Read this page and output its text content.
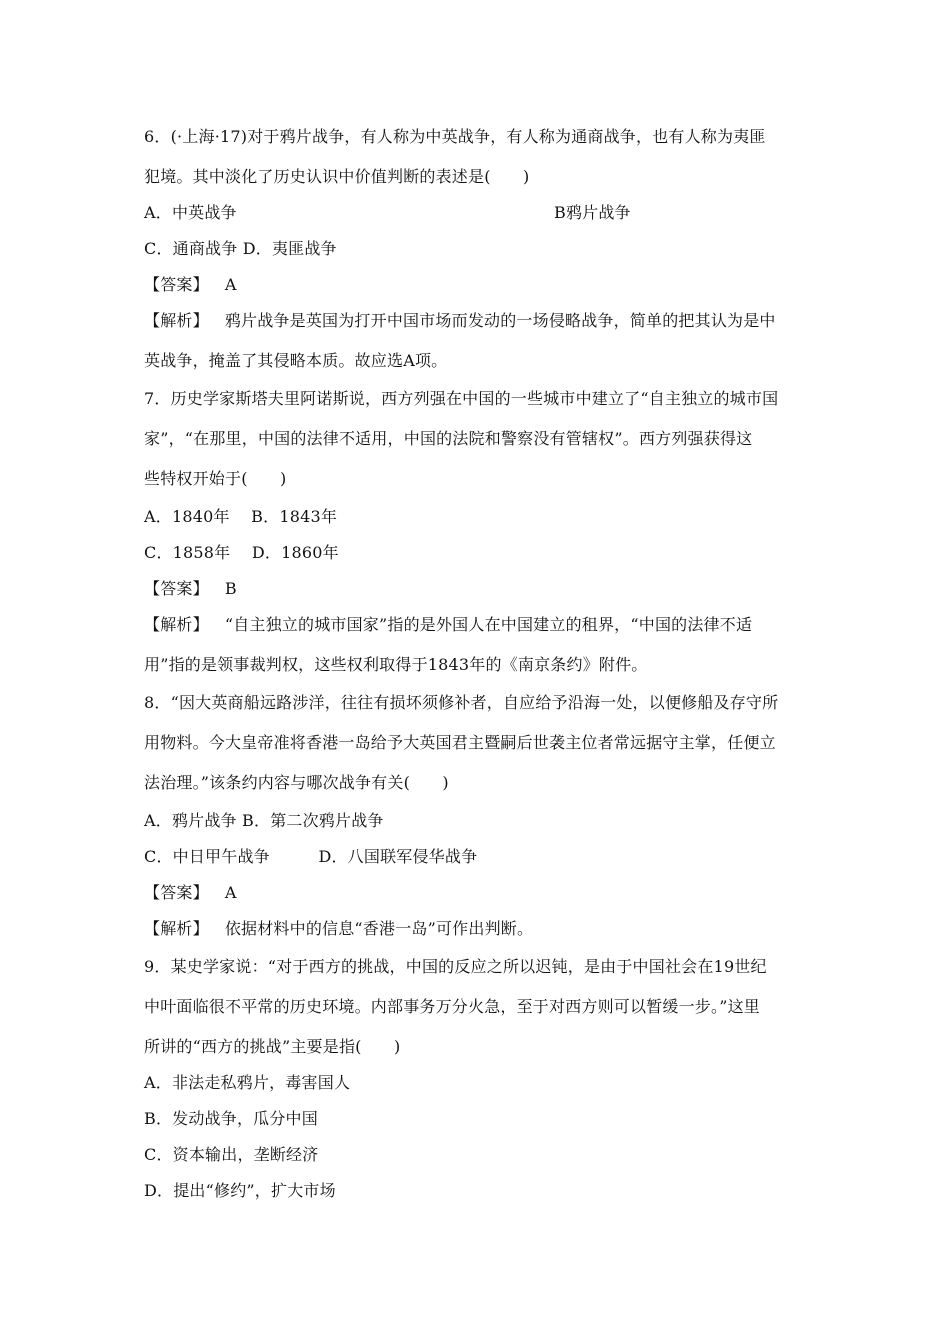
6．(·上海·17)对于鸦片战争，有人称为中英战争，有人称为通商战争，也有人称为夷匪
犯境。其中淡化了历史认识中价值判断的表述是(　　)
A．中英战争	B鸦片战争
C．通商战争 D．夷匪战争
【答案】 A
【解析】 鸦片战争是英国为打开中国市场而发动的一场侵略战争，简单的把其认为是中
英战争，掩盖了其侵略本质。故应选A项。
7．历史学家斯塔夫里阿诺斯说，西方列强在中国的一些城市中建立了“自主独立的城市国
家”，“在那里，中国的法律不适用，中国的法院和警察没有管辖权”。西方列强获得这
些特权开始于(　　)
A．1840年　 B．1843年
C．1858年　 D．1860年
【答案】 B
【解析】 “自主独立的城市国家”指的是外国人在中国建立的租界，“中国的法律不适
用”指的是领事裁判权，这些权利取得于1843年的《南京条约》附件。
8．“因大英商船远路涉洋，往往有损坏须修补者，自应给予沿海一处，以便修船及存守所
用物料。今大皇帝准将香港一岛给予大英国君主暨嗣后世袭主位者常远据守主掌，任便立
法治理。”该条约内容与哪次战争有关(　　)
A．鸦片战争 B．第二次鸦片战争
C．中日甲午战争　　　D．八国联军侵华战争
【答案】 A
【解析】 依据材料中的信息“香港一岛”可作出判断。
9．某史学家说：“对于西方的挑战，中国的反应之所以迟钝，是由于中国社会在19世纪
中叶面临很不平常的历史环境。内部事务万分火急，至于对西方则可以暂缓一步。”这里
所讲的“西方的挑战”主要是指(　　)
A．非法走私鸦片，毒害国人
B．发动战争，瓜分中国
C．资本输出，垄断经济
D．提出“修约”，扩大市场
